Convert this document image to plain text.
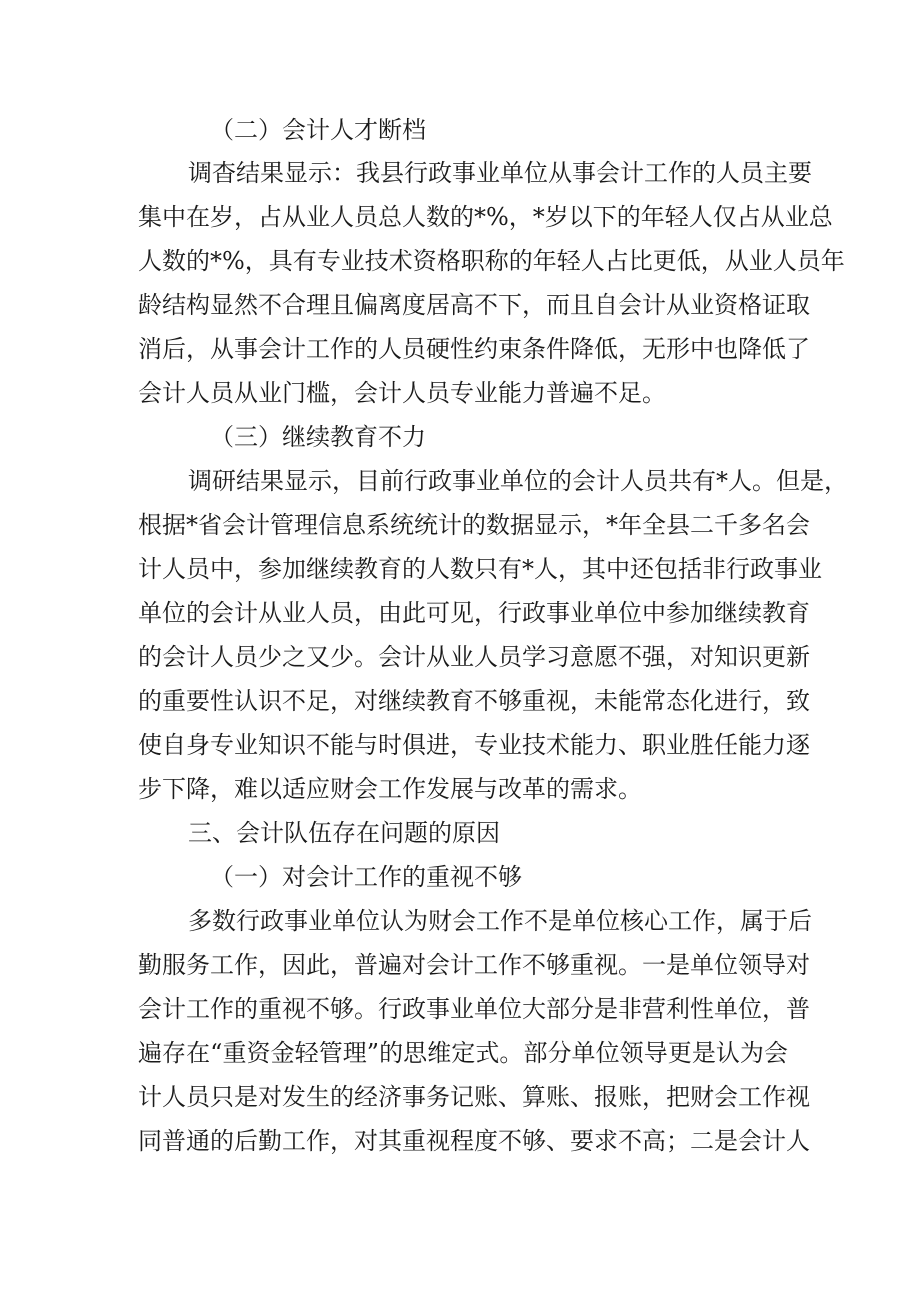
（二）会计人才断档
调杳结果显示：我县行政事业单位从事会计工作的人员主要
集中在岁，占从业人员总人数的*%，*岁以下的年轻人仅占从业总
人数的*%，具有专业技术资格职称的年轻人占比更低，从业人员年
龄结构显然不合理且偏离度居高不下，而且自会计从业资格证取
消后，从事会计工作的人员硬性约束条件降低，无形中也降低了
会计人员从业门槛，会计人员专业能力普遍不足。
（三）继续教育不力
调研结果显示，目前行政事业单位的会计人员共有*人。但是，
根据*省会计管理信息系统统计的数据显示，*年全县二千多名会
计人员中，参加继续教育的人数只有*人，其中还包括非行政事业
单位的会计从业人员，由此可见，行政事业单位中参加继续教育
的会计人员少之又少。会计从业人员学习意愿不强，对知识更新
的重要性认识不足，对继续教育不够重视，未能常态化进行，致
使自身专业知识不能与时俱进，专业技术能力、职业胜任能力逐
步下降，难以适应财会工作发展与改革的需求。
三、会计队伍存在问题的原因
（一）对会计工作的重视不够
多数行政事业单位认为财会工作不是单位核心工作，属于后
勤服务工作，因此，普遍对会计工作不够重视。一是单位领导对
会计工作的重视不够。行政事业单位大部分是非营利性单位，普
遍存在“重资金轻管理”的思维定式。部分单位领导更是认为会
计人员只是对发生的经济事务记账、算账、报账，把财会工作视
同普通的后勤工作，对其重视程度不够、要求不高；二是会计人
